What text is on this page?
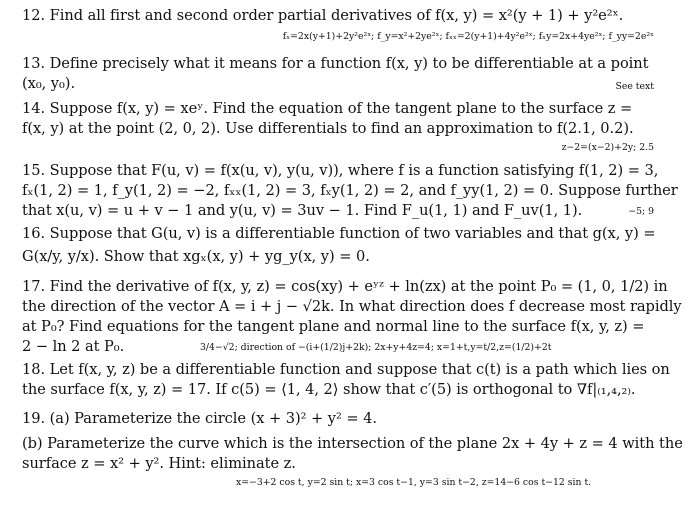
12. Find all first and second order partial derivatives of f(x, y) = x²(y + 1) + y²e²ˣ.
fₓ=2x(y+1)+2y²e²ˣ; f_y=x²+2ye²ˣ; fₓₓ=2(y+1)+4y²e²ˣ; fₓy=2x+4ye²ˣ; f_yy=2e²ˣ
13. Define precisely what it means for a function f(x, y) to be differentiable at a point
(x₀, y₀).	See text
14. Suppose f(x, y) = xeʸ. Find the equation of the tangent plane to the surface z =
f(x, y) at the point (2, 0, 2). Use differentials to find an approximation to f(2.1, 0.2).
z−2=(x−2)+2y; 2.5
15. Suppose that F(u, v) = f(x(u, v), y(u, v)), where f is a function satisfying f(1, 2) = 3,
fₓ(1, 2) = 1, f_y(1, 2) = −2, fₓₓ(1, 2) = 3, fₓy(1, 2) = 2, and f_yy(1, 2) = 0. Suppose further
that x(u, v) = u + v − 1 and y(u, v) = 3uv − 1. Find F_u(1, 1) and F_uv(1, 1).	−5; 9
16. Suppose that G(u, v) is a differentiable function of two variables and that g(x, y) =
G(x/y, y/x). Show that xgₓ(x, y) + yg_y(x, y) = 0.
17. Find the derivative of f(x, y, z) = cos(xy) + eʸᶻ + ln(zx) at the point P₀ = (1, 0, 1/2) in
the direction of the vector A = i + j − √2k. In what direction does f decrease most rapidly
at P₀? Find equations for the tangent plane and normal line to the surface f(x, y, z) =
2 − ln 2 at P₀.	3/4−√2; direction of −(i+(1/2)j+2k); 2x+y+4z=4; x=1+t,y=t/2,z=(1/2)+2t
18. Let f(x, y, z) be a differentiable function and suppose that c(t) is a path which lies on
the surface f(x, y, z) = 17. If c(5) = ⟨1, 4, 2⟩ show that c′(5) is orthogonal to ∇f|₍₁,₄,₂₎.
19. (a) Parameterize the circle (x + 3)² + y² = 4.
(b) Parameterize the curve which is the intersection of the plane 2x + 4y + z = 4 with the
surface z = x² + y². Hint: eliminate z.
x=−3+2 cos t, y=2 sin t; x=3 cos t−1, y=3 sin t−2, z=14−6 cos t−12 sin t.
